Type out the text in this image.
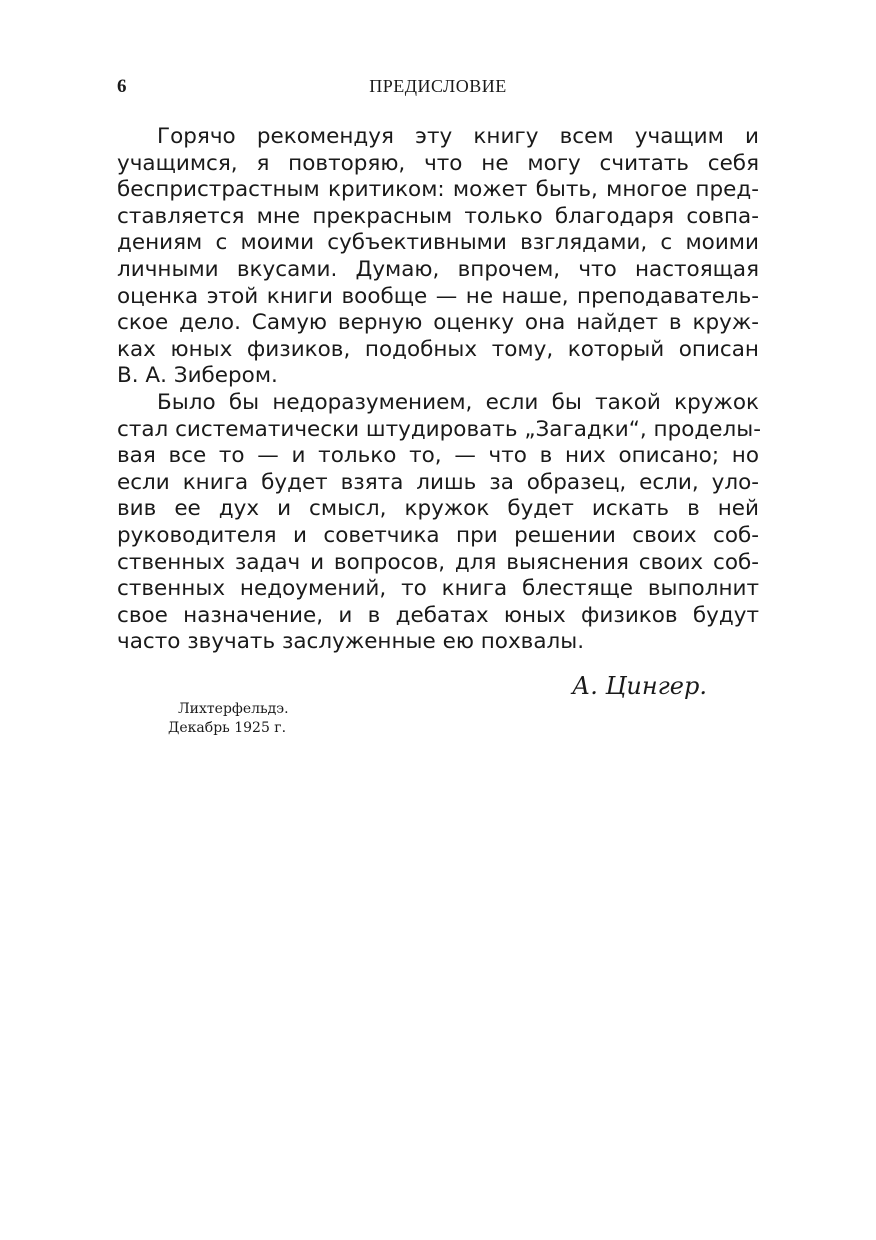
6	ПРЕДИСЛОВИЕ
Горячо рекомендуя эту книгу всем учащим и
учащимся, я повторяю, что не могу считать себя
беспристрастным критиком: может быть, многое пред-
ставляется мне прекрасным только благодаря совпа-
дениям с моими субъективными взглядами, с моими
личными вкусами. Думаю, впрочем, что настоящая
оценка этой книги вообще — не наше, преподаватель-
ское дело. Самую верную оценку она найдет в круж-
ках юных физиков, подобных тому, который описан
В. А. Зибером.
Было бы недоразумением, если бы такой кружок
стал систематически штудировать „Загадки“, проделы-
вая все то — и только то, — что в них описано; но
если книга будет взята лишь за образец, если, уло-
вив ее дух и смысл, кружок будет искать в ней
руководителя и советчика при решении своих соб-
ственных задач и вопросов, для выяснения своих соб-
ственных недоумений, то книга блестяще выполнит
свое назначение, и в дебатах юных физиков будут
часто звучать заслуженные ею похвалы.
А. Цингер.
Лихтерфельдэ.
Декабрь 1925 г.
